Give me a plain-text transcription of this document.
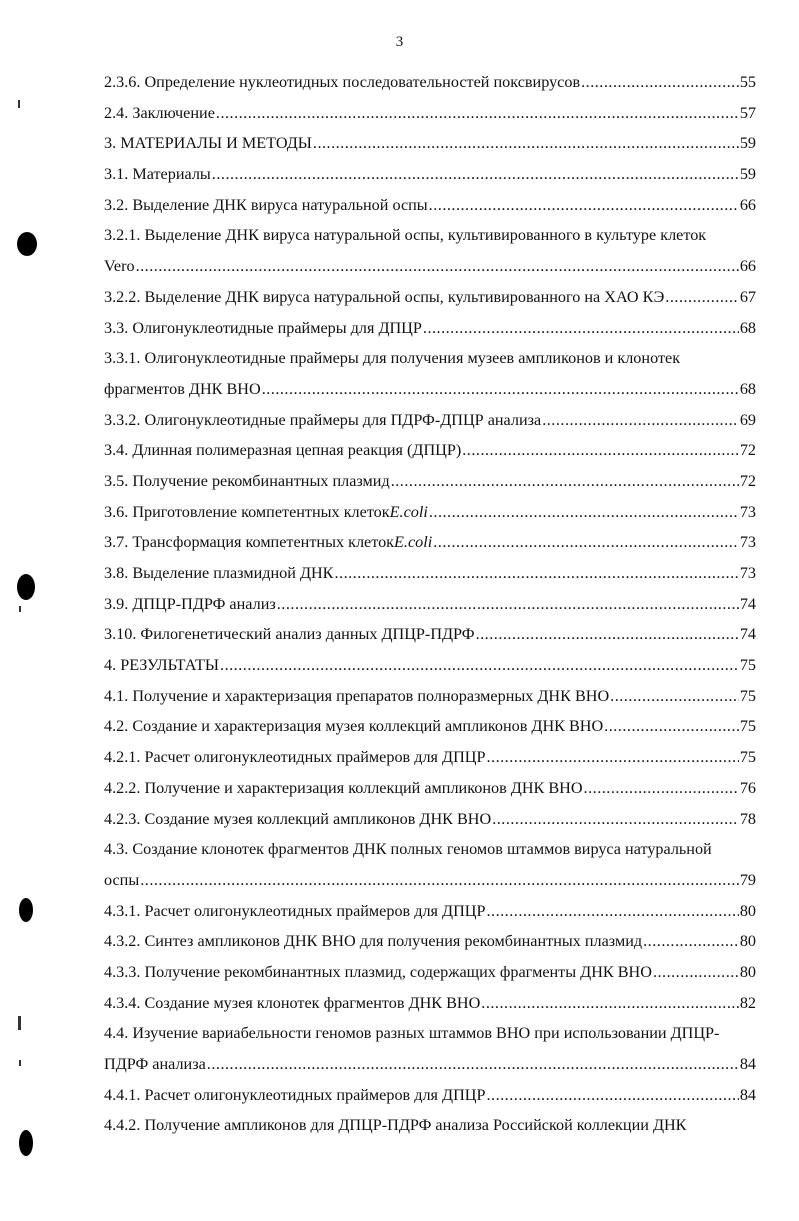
3
2.3.6. Определение нуклеотидных последовательностей поксвирусов .....	55
2.4. Заключение .....	57
3. МАТЕРИАЛЫ И МЕТОДЫ .....	59
3.1. Материалы .....	59
3.2. Выделение ДНК вируса натуральной оспы .....	66
3.2.1. Выделение ДНК вируса натуральной оспы, культивированного в культуре клеток
Vero .....	66
3.2.2. Выделение ДНК вируса натуральной оспы, культивированного на ХАО КЭ .....	67
3.3. Олигонуклеотидные праймеры для ДПЦР .....	68
3.3.1. Олигонуклеотидные праймеры для получения музеев ампликонов и клонотек
фрагментов ДНК ВНО .....	68
3.3.2. Олигонуклеотидные праймеры для ПДРФ-ДПЦР анализа .....	69
3.4. Длинная полимеразная цепная реакция (ДПЦР) .....	72
3.5. Получение рекомбинантных плазмид .....	72
3.6. Приготовление компетентных клеток E.coli .....	73
3.7. Трансформация компетентных клеток E.coli .....	73
3.8. Выделение плазмидной ДНК .....	73
3.9. ДПЦР-ПДРФ анализ .....	74
3.10. Филогенетический анализ данных ДПЦР-ПДРФ .....	74
4. РЕЗУЛЬТАТЫ .....	75
4.1. Получение и характеризация препаратов полноразмерных ДНК ВНО .....	75
4.2. Создание и характеризация музея коллекций ампликонов ДНК ВНО .....	75
4.2.1. Расчет олигонуклеотидных праймеров для ДПЦР .....	75
4.2.2. Получение и характеризация коллекций ампликонов ДНК ВНО .....	76
4.2.3. Создание музея коллекций ампликонов ДНК ВНО .....	78
4.3. Создание клонотек фрагментов ДНК полных геномов штаммов вируса натуральной
оспы .....	79
4.3.1. Расчет олигонуклеотидных праймеров для ДПЦР .....	80
4.3.2. Синтез ампликонов ДНК ВНО для получения рекомбинантных плазмид .....	80
4.3.3. Получение рекомбинантных плазмид, содержащих фрагменты ДНК ВНО .....	80
4.3.4. Создание музея клонотек фрагментов ДНК ВНО .....	82
4.4. Изучение вариабельности геномов разных штаммов ВНО при использовании ДПЦР-
ПДРФ анализа .....	84
4.4.1. Расчет олигонуклеотидных праймеров для ДПЦР .....	84
4.4.2. Получение ампликонов для ДПЦР-ПДРФ анализа Российской коллекции ДНК
